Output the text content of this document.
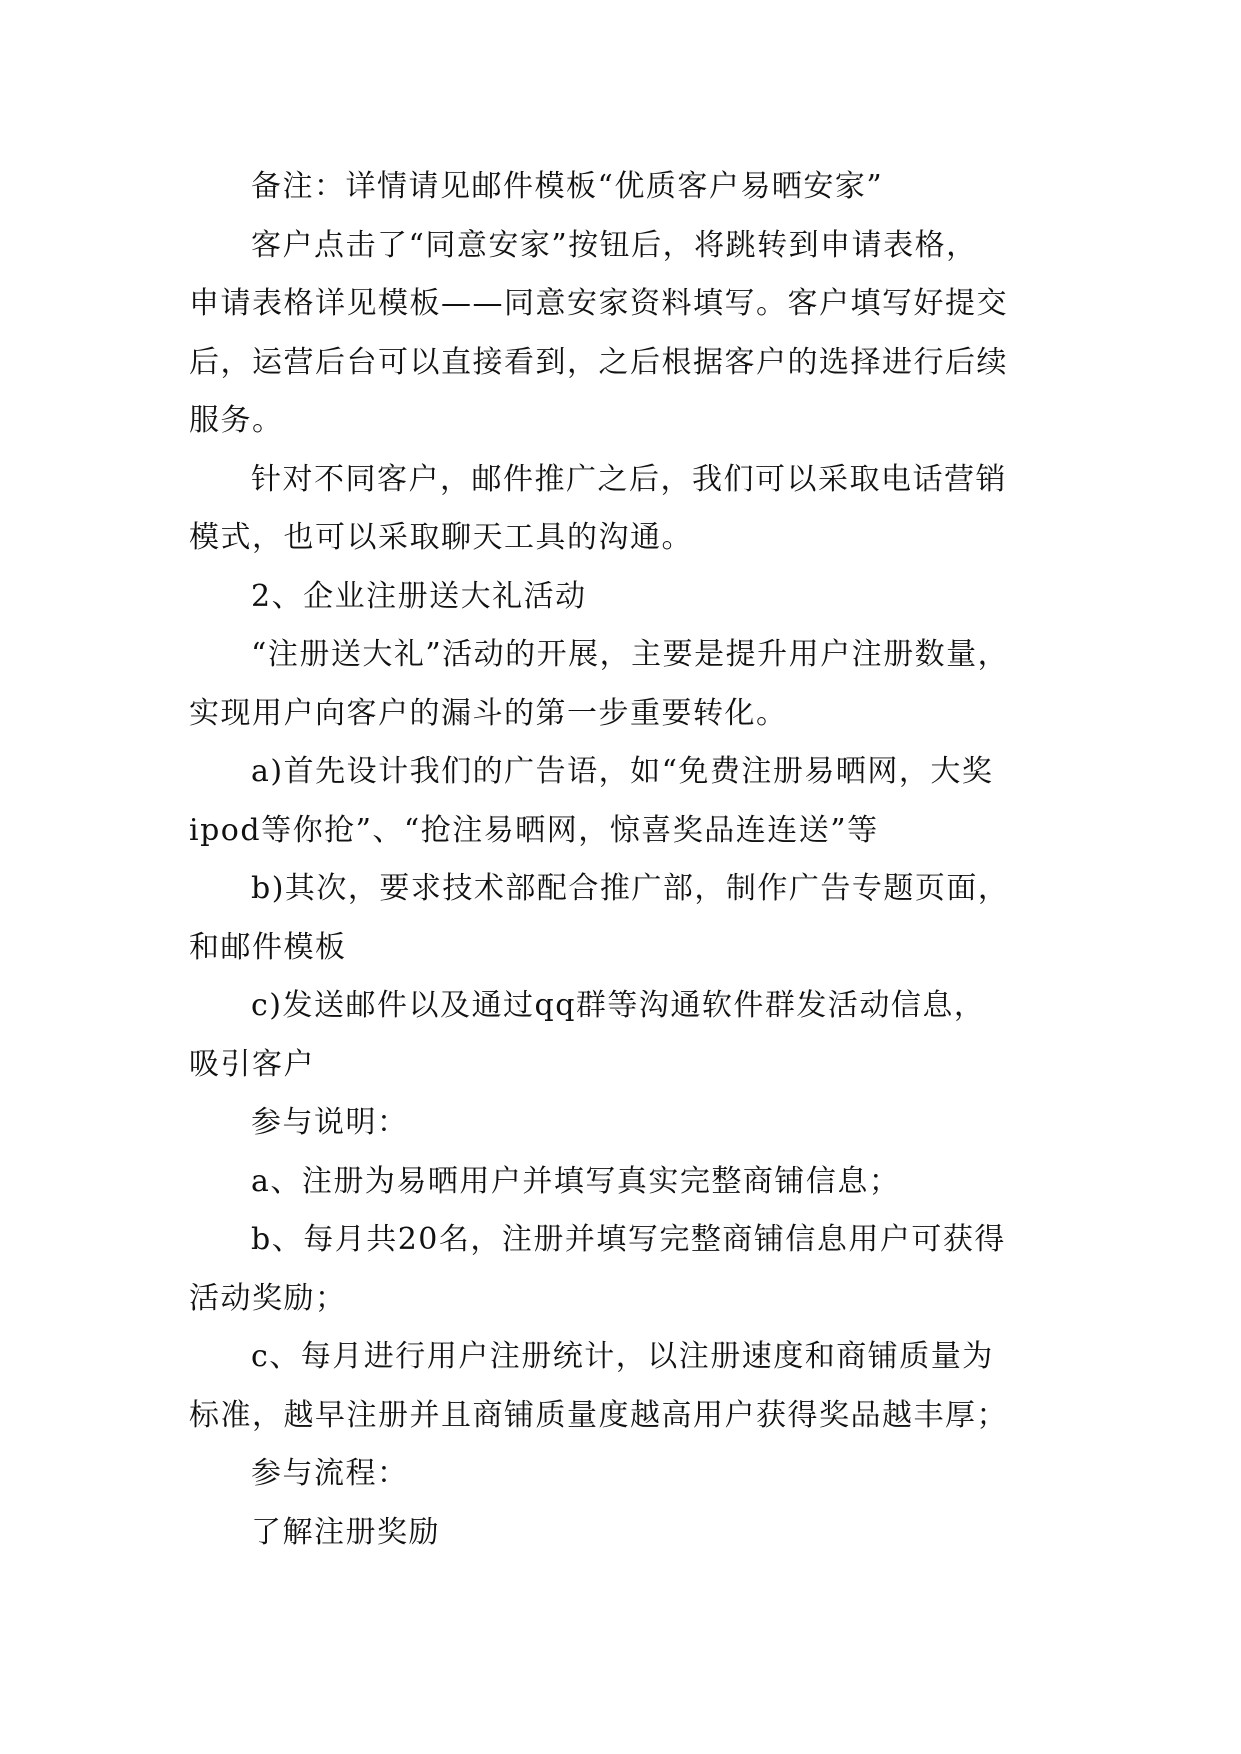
备注：详情请见邮件模板“优质客户易晒安家”

客户点击了“同意安家”按钮后，将跳转到申请表格，
申请表格详见模板——同意安家资料填写。客户填写好提交
后，运营后台可以直接看到，之后根据客户的选择进行后续
服务。

针对不同客户，邮件推广之后，我们可以采取电话营销
模式，也可以采取聊天工具的沟通。

2、企业注册送大礼活动

“注册送大礼”活动的开展，主要是提升用户注册数量，
实现用户向客户的漏斗的第一步重要转化。

a)首先设计我们的广告语，如“免费注册易晒网，大奖
ipod等你抢”、“抢注易晒网，惊喜奖品连连送”等

b)其次，要求技术部配合推广部，制作广告专题页面，
和邮件模板

c)发送邮件以及通过qq群等沟通软件群发活动信息，
吸引客户

参与说明：

a、注册为易晒用户并填写真实完整商铺信息；

b、每月共20名，注册并填写完整商铺信息用户可获得
活动奖励；

c、每月进行用户注册统计，以注册速度和商铺质量为
标准，越早注册并且商铺质量度越高用户获得奖品越丰厚；

参与流程：

了解注册奖励
